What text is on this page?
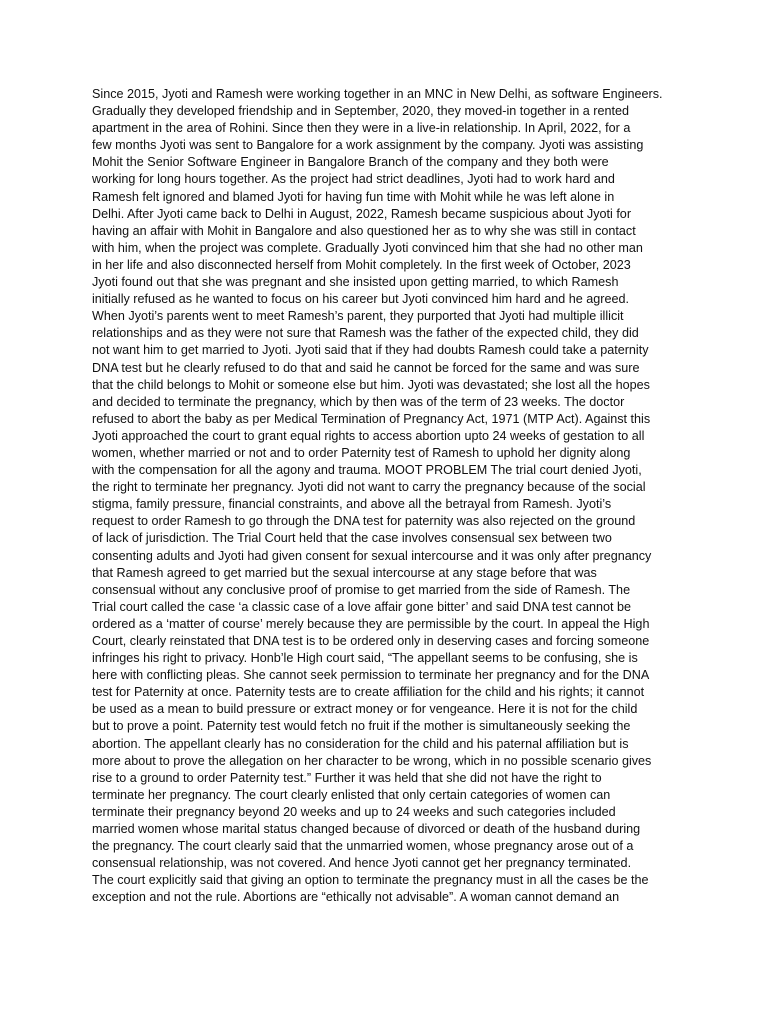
Since 2015, Jyoti and Ramesh were working together in an MNC in New Delhi, as software Engineers.
Gradually they developed friendship and in September, 2020, they moved-in together in a rented
apartment in the area of Rohini. Since then they were in a live-in relationship. In April, 2022, for a
few months Jyoti was sent to Bangalore for a work assignment by the company. Jyoti was assisting
Mohit the Senior Software Engineer in Bangalore Branch of the company and they both were
working for long hours together. As the project had strict deadlines, Jyoti had to work hard and
Ramesh felt ignored and blamed Jyoti for having fun time with Mohit while he was left alone in
Delhi. After Jyoti came back to Delhi in August, 2022, Ramesh became suspicious about Jyoti for
having an affair with Mohit in Bangalore and also questioned her as to why she was still in contact
with him, when the project was complete. Gradually Jyoti convinced him that she had no other man
in her life and also disconnected herself from Mohit completely. In the first week of October, 2023
Jyoti found out that she was pregnant and she insisted upon getting married, to which Ramesh
initially refused as he wanted to focus on his career but Jyoti convinced him hard and he agreed.
When Jyoti’s parents went to meet Ramesh’s parent, they purported that Jyoti had multiple illicit
relationships and as they were not sure that Ramesh was the father of the expected child, they did
not want him to get married to Jyoti. Jyoti said that if they had doubts Ramesh could take a paternity
DNA test but he clearly refused to do that and said he cannot be forced for the same and was sure
that the child belongs to Mohit or someone else but him. Jyoti was devastated; she lost all the hopes
and decided to terminate the pregnancy, which by then was of the term of 23 weeks. The doctor
refused to abort the baby as per Medical Termination of Pregnancy Act, 1971 (MTP Act). Against this
Jyoti approached the court to grant equal rights to access abortion upto 24 weeks of gestation to all
women, whether married or not and to order Paternity test of Ramesh to uphold her dignity along
with the compensation for all the agony and trauma. MOOT PROBLEM The trial court denied Jyoti,
the right to terminate her pregnancy. Jyoti did not want to carry the pregnancy because of the social
stigma, family pressure, financial constraints, and above all the betrayal from Ramesh. Jyoti’s
request to order Ramesh to go through the DNA test for paternity was also rejected on the ground
of lack of jurisdiction. The Trial Court held that the case involves consensual sex between two
consenting adults and Jyoti had given consent for sexual intercourse and it was only after pregnancy
that Ramesh agreed to get married but the sexual intercourse at any stage before that was
consensual without any conclusive proof of promise to get married from the side of Ramesh. The
Trial court called the case ‘a classic case of a love affair gone bitter’ and said DNA test cannot be
ordered as a ‘matter of course’ merely because they are permissible by the court. In appeal the High
Court, clearly reinstated that DNA test is to be ordered only in deserving cases and forcing someone
infringes his right to privacy. Honb’le High court said, “The appellant seems to be confusing, she is
here with conflicting pleas. She cannot seek permission to terminate her pregnancy and for the DNA
test for Paternity at once. Paternity tests are to create affiliation for the child and his rights; it cannot
be used as a mean to build pressure or extract money or for vengeance. Here it is not for the child
but to prove a point. Paternity test would fetch no fruit if the mother is simultaneously seeking the
abortion. The appellant clearly has no consideration for the child and his paternal affiliation but is
more about to prove the allegation on her character to be wrong, which in no possible scenario gives
rise to a ground to order Paternity test.” Further it was held that she did not have the right to
terminate her pregnancy. The court clearly enlisted that only certain categories of women can
terminate their pregnancy beyond 20 weeks and up to 24 weeks and such categories included
married women whose marital status changed because of divorced or death of the husband during
the pregnancy. The court clearly said that the unmarried women, whose pregnancy arose out of a
consensual relationship, was not covered. And hence Jyoti cannot get her pregnancy terminated.
The court explicitly said that giving an option to terminate the pregnancy must in all the cases be the
exception and not the rule. Abortions are “ethically not advisable”. A woman cannot demand an
